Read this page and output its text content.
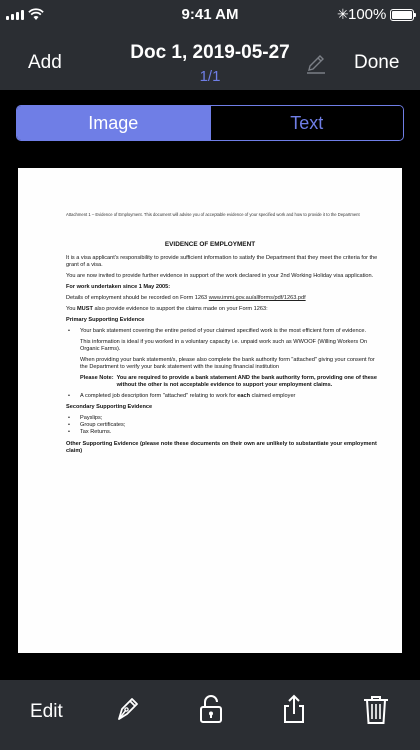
9:41 AM	✳ 100%
Add	Doc 1, 2019-05-27
1/1
Done
Image	Text

Attachment 1 – Evidence of Employment. This document will advise you of acceptable evidence of your specified work and how to provide it to the Department

EVIDENCE OF EMPLOYMENT

It is a visa applicant's responsibility to provide sufficient information to satisfy the Department that they meet the criteria for the grant of a visa.

You are now invited to provide further evidence in support of the work declared in your 2nd Working Holiday visa application.

For work undertaken since 1 May 2005:

Details of employment should be recorded on Form 1263 www.immi.gov.au/allforms/pdf/1263.pdf

You MUST also provide evidence to support the claims made on your Form 1263:

Primary Supporting Evidence

• Your bank statement covering the entire period of your claimed specified work is the most efficient form of evidence.

This information is ideal if you worked in a voluntary capacity i.e. unpaid work such as WWOOF (Willing Workers On Organic Farms).

When providing your bank statement/s, please also complete the bank authority form "attached" giving your consent for the Department to verify your bank statement with the issuing financial institution

Please Note: You are required to provide a bank statement AND the bank authority form, providing one of these without the other is not acceptable evidence to support your employment claims.

• A completed job description form "attached" relating to work for each claimed employer

Secondary Supporting Evidence

• Payslips;

• Group certificates;

• Tax Returns.

Other Supporting Evidence (please note these documents on their own are unlikely to substantiate your employment claim)

Edit
